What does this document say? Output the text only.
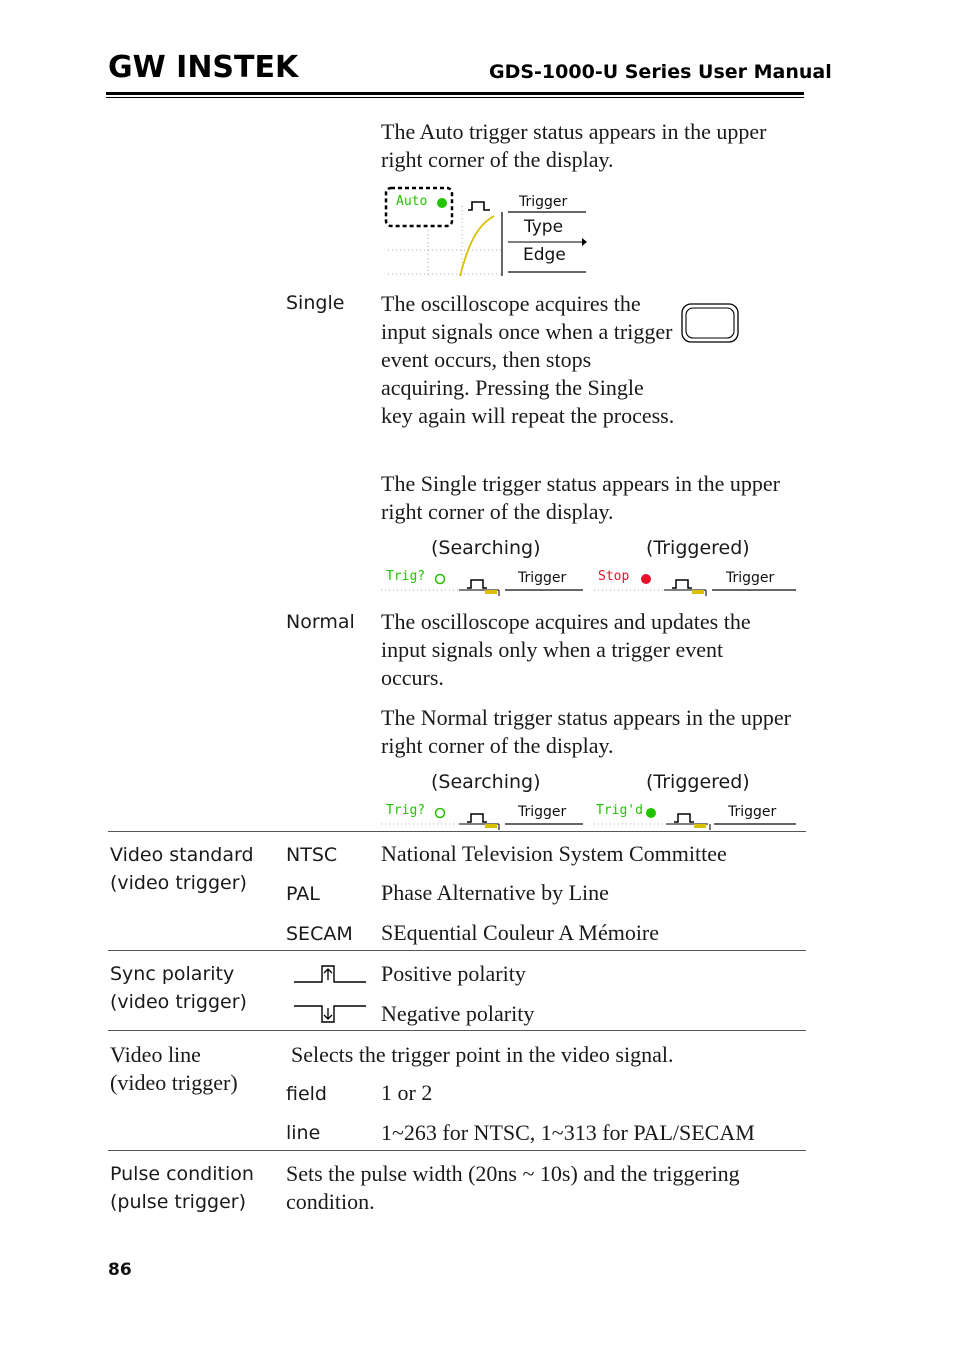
GW INSTEK	GDS-1000-U Series User Manual
The Auto trigger status appears in the upper right corner of the display.
Auto	Trigger
Type
Edge
Single The oscilloscope acquires the input signals once when a trigger event occurs, then stops acquiring. Pressing the Single key again will repeat the process.
The Single trigger status appears in the upper right corner of the display.
(Searching)	(Triggered)
Trig?	Trigger Stop	Trigger
Normal The oscilloscope acquires and updates the input signals only when a trigger event occurs.
The Normal trigger status appears in the upper right corner of the display.
(Searching)	(Triggered)
Trig?	Trigger Trig'd	Trigger
Video standard
(video trigger)
NTSC National Television System Committee
PAL	Phase Alternative by Line
SECAM SEquential Couleur A Mémoire
Sync polarity
(video trigger)
Positive polarity
Negative polarity
Video line
(video trigger)
Selects the trigger point in the video signal.
field 1 or 2
line	1~263 for NTSC, 1~313 for PAL/SECAM
Pulse condition
(pulse trigger)
Sets the pulse width (20ns ~ 10s) and the triggering condition.
86
